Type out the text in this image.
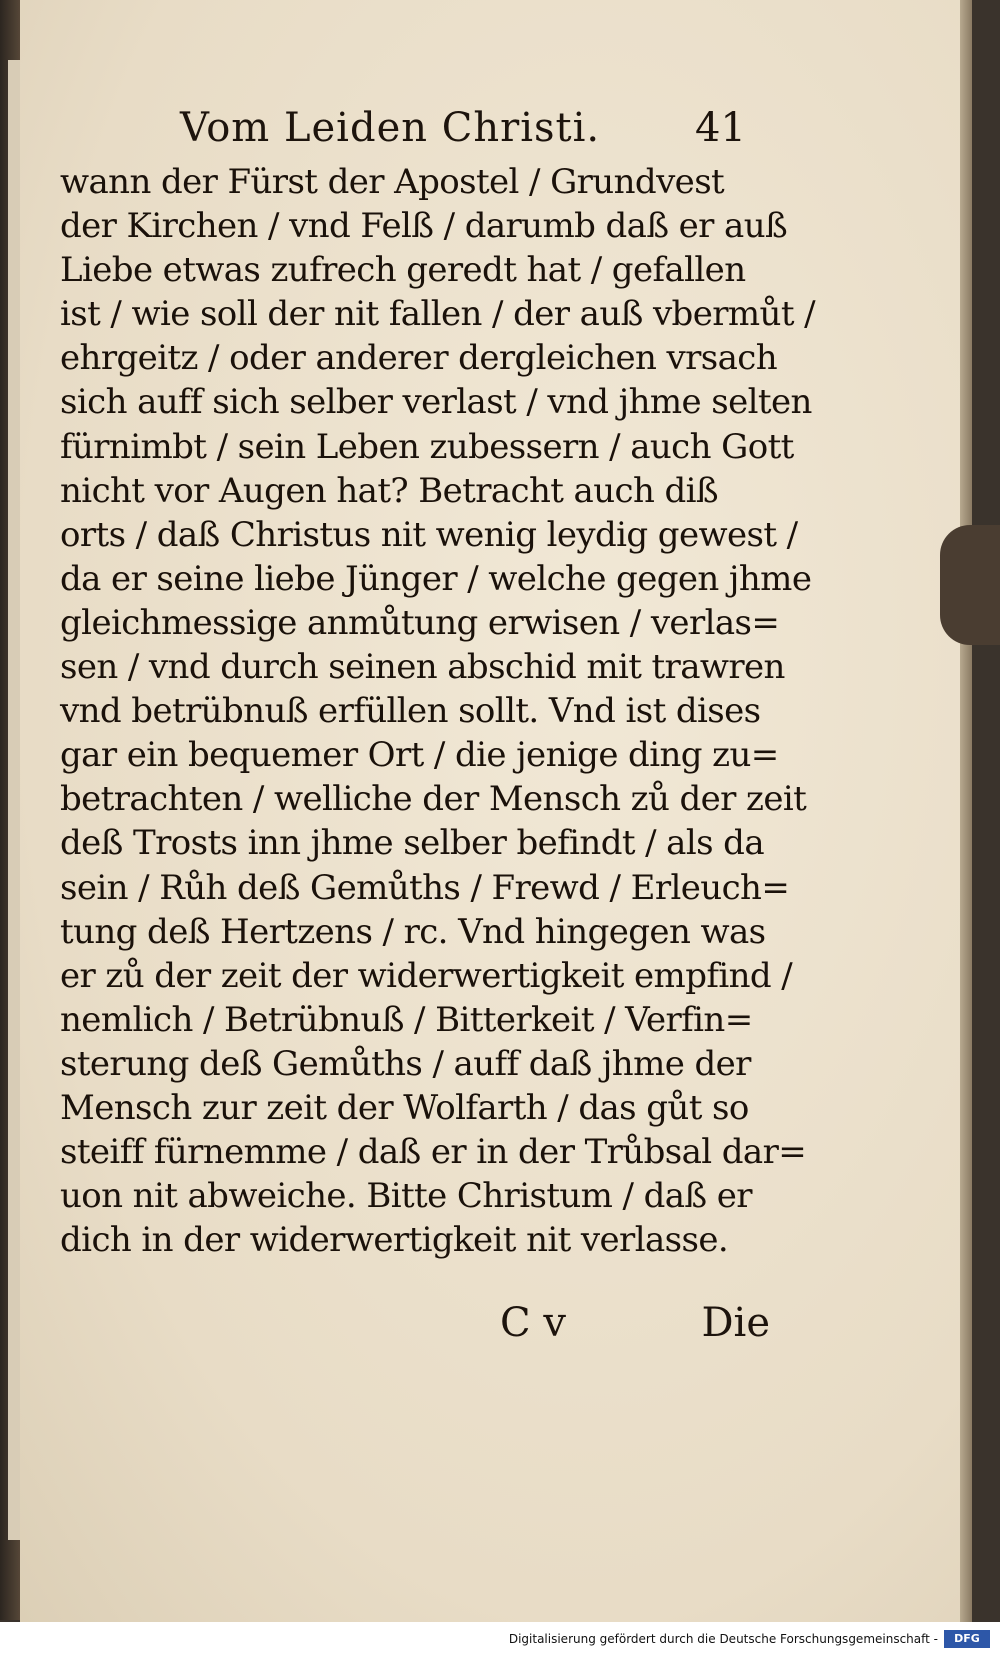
Vom Leiden Christi.	41
wann der Fürst der Apostel / Grundvest
der Kirchen / vnd Felß / darumb daß er auß
Liebe etwas zufrech geredt hat / gefallen
ist / wie soll der nit fallen / der auß vbermůt /
ehrgeitz / oder anderer dergleichen vrsach
sich auff sich selber verlast / vnd jhme selten
fürnimbt / sein Leben zubessern / auch Gott
nicht vor Augen hat? Betracht auch diß
orts / daß Christus nit wenig leydig gewest /
da er seine liebe Jünger / welche gegen jhme
gleichmessige anmůtung erwisen / verlas=
sen / vnd durch seinen abschid mit trawren
vnd betrübnuß erfüllen sollt. Vnd ist dises
gar ein bequemer Ort / die jenige ding zu=
betrachten / welliche der Mensch zů der zeit
deß Trosts inn jhme selber befindt / als da
sein / Růh deß Gemůths / Frewd / Erleuch=
tung deß Hertzens / rc. Vnd hingegen was
er zů der zeit der widerwertigkeit empfind /
nemlich / Betrübnuß / Bitterkeit / Verfin=
sterung deß Gemůths / auff daß jhme der
Mensch zur zeit der Wolfarth / das gůt so
steiff fürnemme / daß er in der Trůbsal dar=
uon nit abweiche. Bitte Christum / daß er
dich in der widerwertigkeit nit verlasse.
C v	Die
Digitalisierung gefördert durch die Deutsche Forschungsgemeinschaft -	DFG
